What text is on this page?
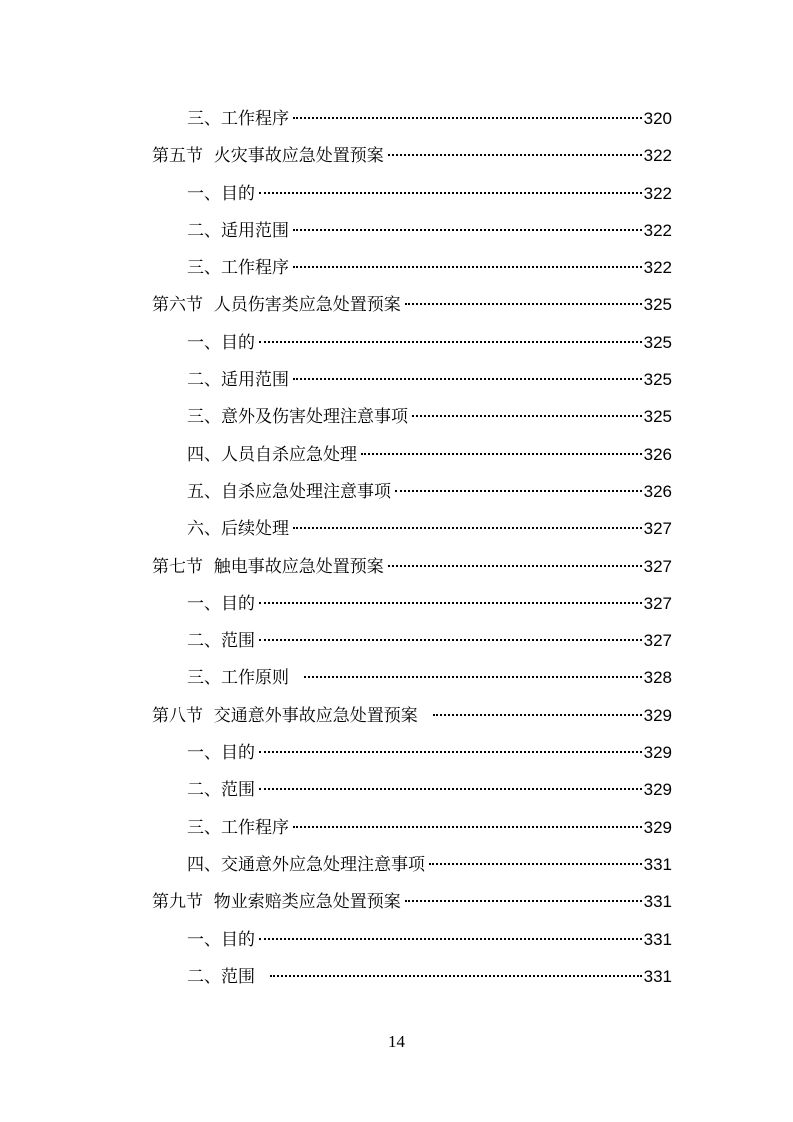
三、工作程序	320
第五节  火灾事故应急处置预案	322
一、目的	322
二、适用范围	322
三、工作程序	322
第六节  人员伤害类应急处置预案	325
一、目的	325
二、适用范围	325
三、意外及伤害处理注意事项	325
四、人员自杀应急处理	326
五、自杀应急处理注意事项	326
六、后续处理	327
第七节  触电事故应急处置预案	327
一、目的	327
二、范围	327
三、工作原则	328
第八节  交通意外事故应急处置预案	329
一、目的	329
二、范围	329
三、工作程序	329
四、交通意外应急处理注意事项	331
第九节  物业索赔类应急处置预案	331
一、目的	331
二、范围	331
14
